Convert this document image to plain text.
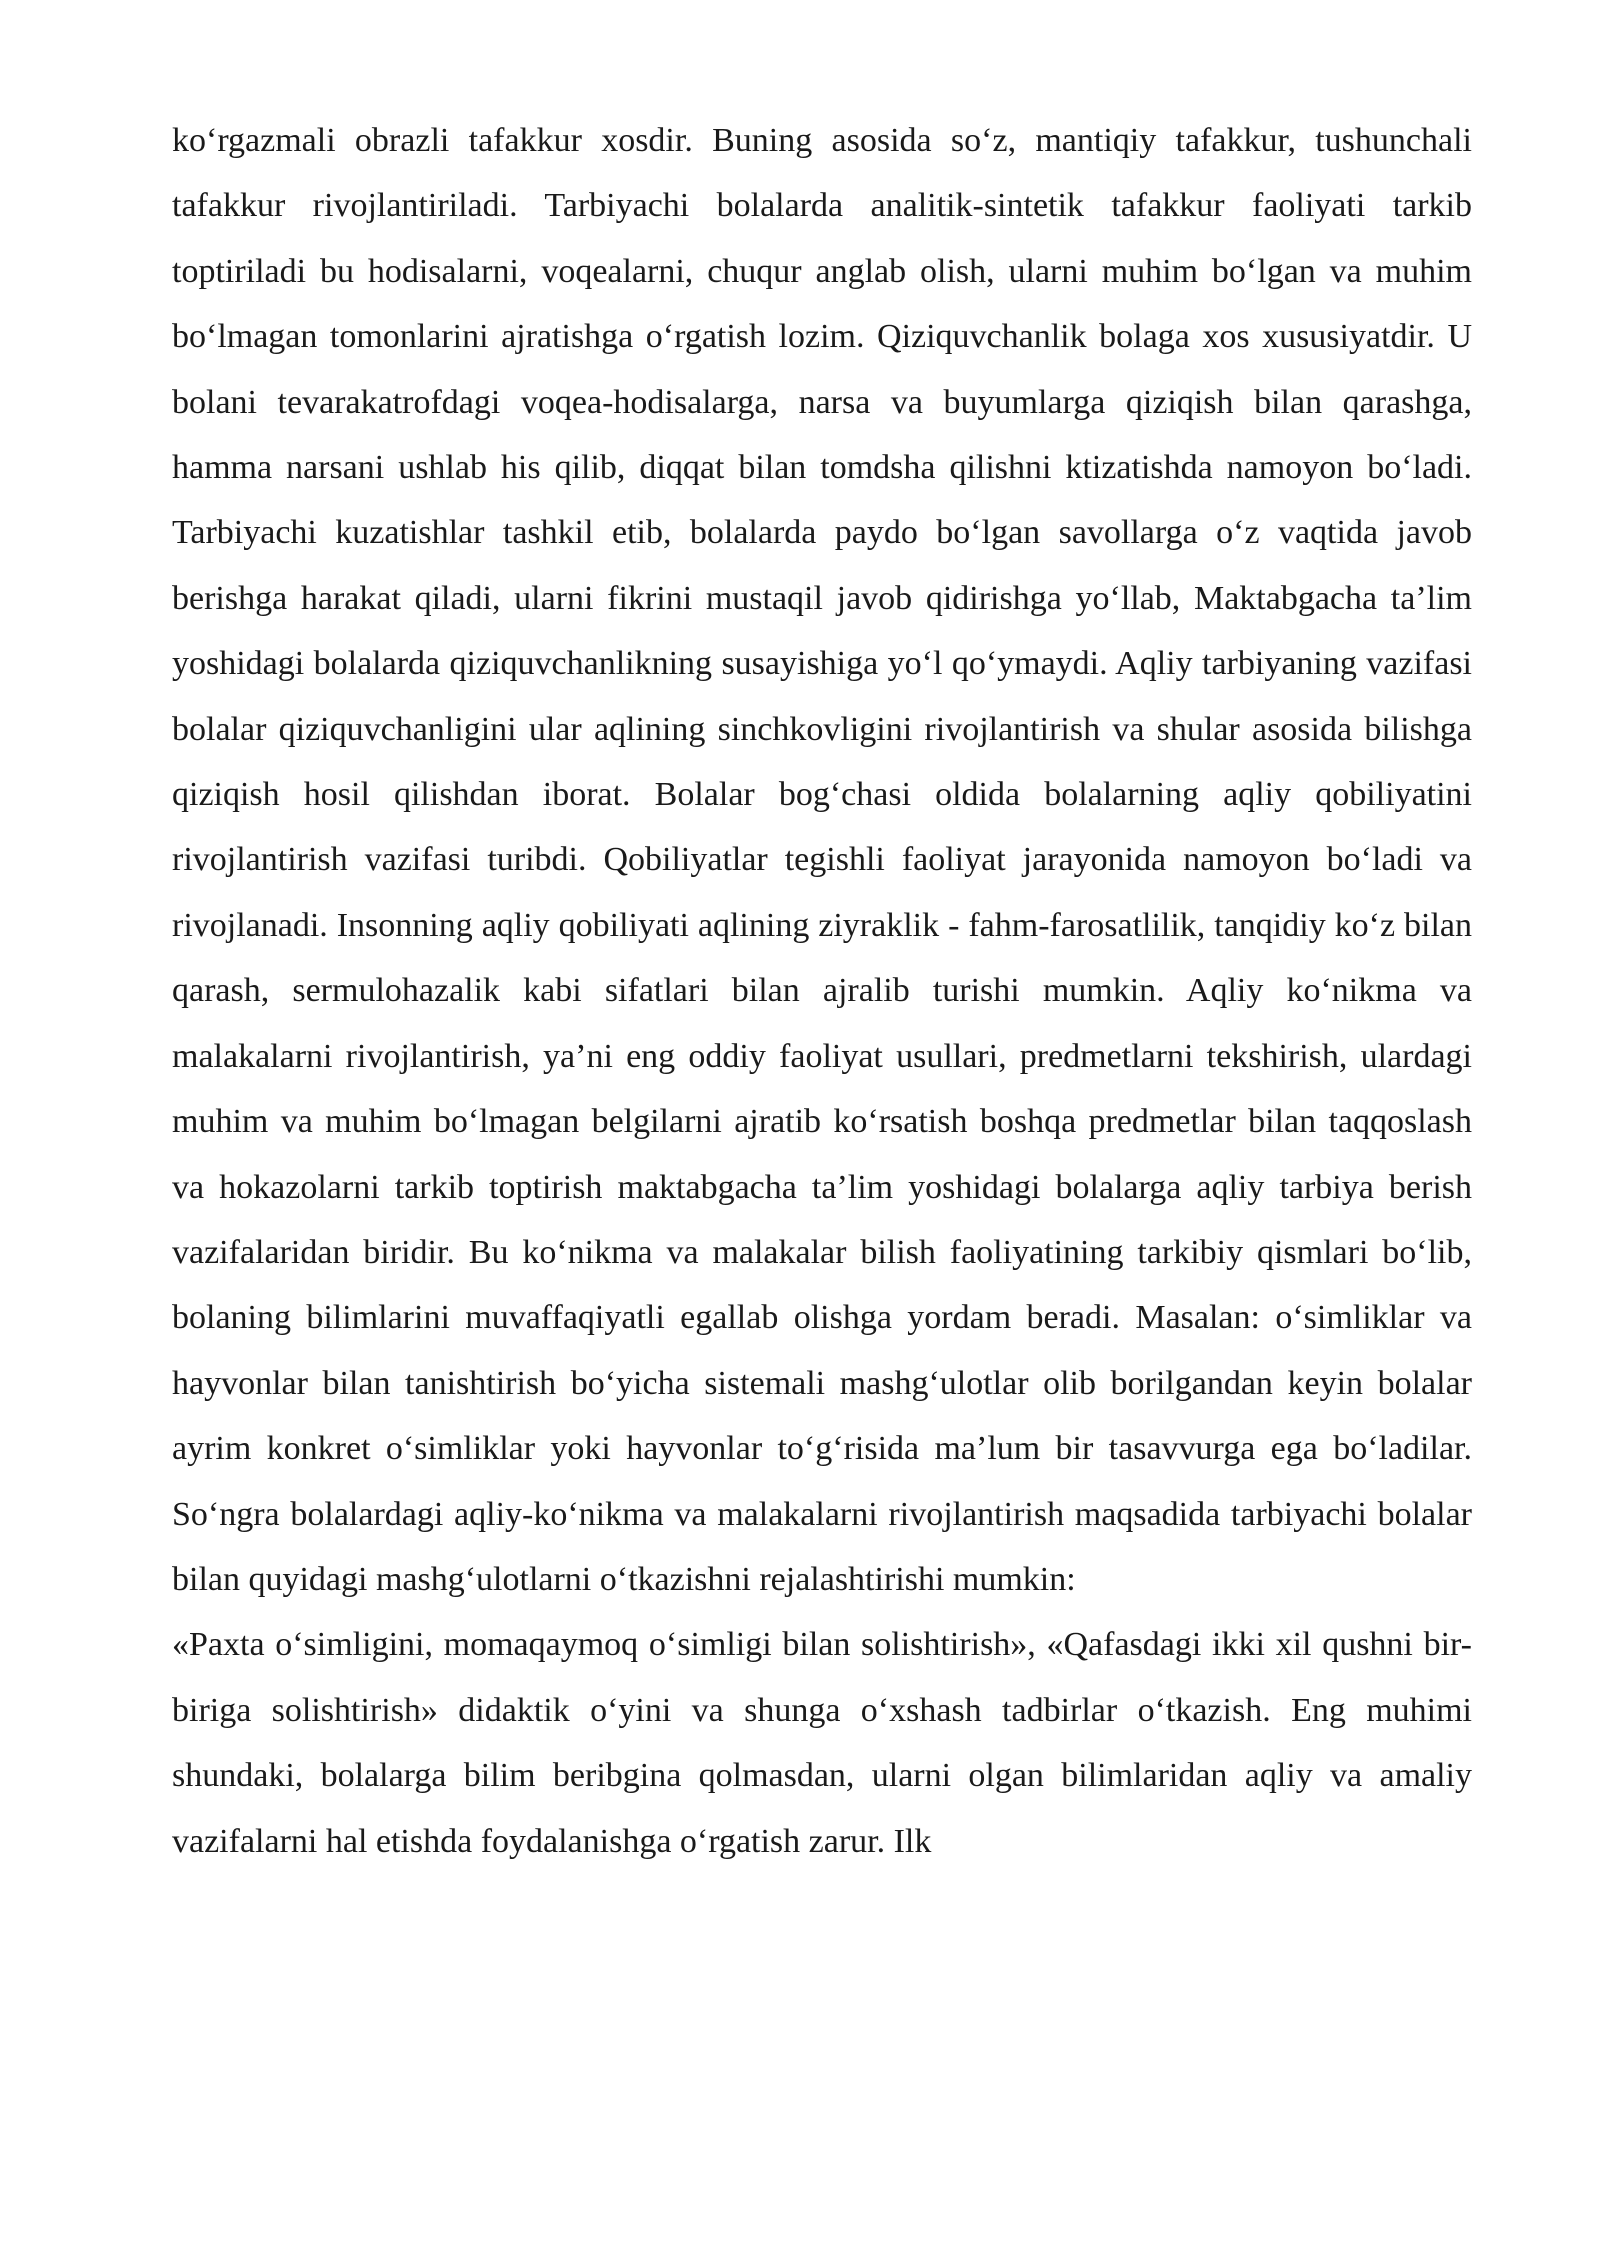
ko‘rgazmali obrazli tafakkur xosdir. Buning asosida so‘z, mantiqiy tafakkur, tushunchali tafakkur rivojlantiriladi. Tarbiyachi bolalarda analitik-sintetik tafakkur faoliyati tarkib toptiriladi bu hodisalarni, voqealarni, chuqur anglab olish, ularni muhim bo‘lgan va muhim bo‘lmagan tomonlarini ajratishga o‘rgatish lozim. Qiziquvchanlik bolaga xos xususiyatdir. U bolani tevarakatrofdagi voqea-hodisalarga, narsa va buyumlarga qiziqish bilan qarashga, hamma narsani ushlab his qilib, diqqat bilan tomdsha qilishni ktizatishda namoyon bo‘ladi. Tarbiyachi kuzatishlar tashkil etib, bolalarda paydo bo‘lgan savollarga o‘z vaqtida javob berishga harakat qiladi, ularni fikrini mustaqil javob qidirishga yo‘llab, Maktabgacha ta’lim yoshidagi bolalarda qiziquvchanlikning susayishiga yo‘l qo‘ymaydi. Aqliy tarbiyaning vazifasi bolalar qiziquvchanligini ular aqlining sinchkovligini rivojlantirish va shular asosida bilishga qiziqish hosil qilishdan iborat. Bolalar bog‘chasi oldida bolalarning aqliy qobiliyatini rivojlantirish vazifasi turibdi. Qobiliyatlar tegishli faoliyat jarayonida namoyon bo‘ladi va rivojlanadi. Insonning aqliy qobiliyati aqlining ziyraklik - fahm-farosatlilik, tanqidiy ko‘z bilan qarash, sermulohazalik kabi sifatlari bilan ajralib turishi mumkin. Aqliy ko‘nikma va malakalarni rivojlantirish, ya’ni eng oddiy faoliyat usullari, predmetlarni tekshirish, ulardagi muhim va muhim bo‘lmagan belgilarni ajratib ko‘rsatish boshqa predmetlar bilan taqqoslash va hokazolarni tarkib toptirish maktabgacha ta’lim yoshidagi bolalarga aqliy tarbiya berish vazifalaridan biridir. Bu ko‘nikma va malakalar bilish faoliyatining tarkibiy qismlari bo‘lib, bolaning bilimlarini muvaffaqiyatli egallab olishga yordam beradi. Masalan: o‘simliklar va hayvonlar bilan tanishtirish bo‘yicha sistemali mashg‘ulotlar olib borilgandan keyin bolalar ayrim konkret o‘simliklar yoki hayvonlar to‘g‘risida ma’lum bir tasavvurga ega bo‘ladilar. So‘ngra bolalardagi aqliy-ko‘nikma va malakalarni rivojlantirish maqsadida tarbiyachi bolalar bilan quyidagi mashg‘ulotlarni o‘tkazishni rejalashtirishi mumkin:

«Paxta o‘simligini, momaqaymoq o‘simligi bilan solishtirish», «Qafasdagi ikki xil qushni bir-biriga solishtirish» didaktik o‘yini va shunga o‘xshash tadbirlar o‘tkazish. Eng muhimi shundaki, bolalarga bilim beribgina qolmasdan, ularni olgan bilimlaridan aqliy va amaliy vazifalarni hal etishda foydalanishga o‘rgatish zarur. Ilk
